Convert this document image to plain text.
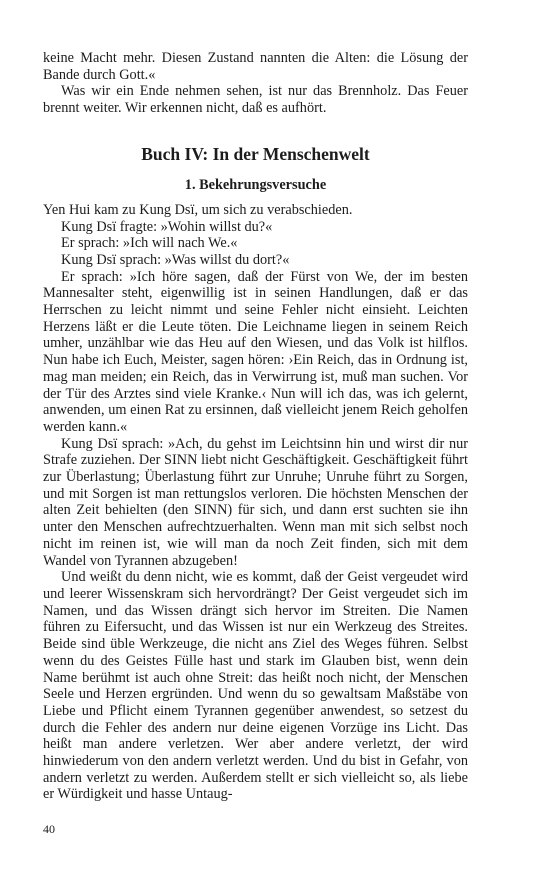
keine Macht mehr. Diesen Zustand nannten die Alten: die Lösung der Bande durch Gott.«

Was wir ein Ende nehmen sehen, ist nur das Brennholz. Das Feuer brennt weiter. Wir erkennen nicht, daß es aufhört.

Buch IV: In der Menschenwelt
1. Bekehrungsversuche

Yen Hui kam zu Kung Dsï, um sich zu verabschieden.

Kung Dsï fragte: »Wohin willst du?«

Er sprach: »Ich will nach We.«

Kung Dsï sprach: »Was willst du dort?«

Er sprach: »Ich höre sagen, daß der Fürst von We, der im besten Mannesalter steht, eigenwillig ist in seinen Handlungen, daß er das Herrschen zu leicht nimmt und seine Fehler nicht einsieht. Leichten Herzens läßt er die Leute töten. Die Leichname liegen in seinem Reich umher, unzählbar wie das Heu auf den Wiesen, und das Volk ist hilflos. Nun habe ich Euch, Meister, sagen hören: ›Ein Reich, das in Ordnung ist, mag man meiden; ein Reich, das in Verwirrung ist, muß man suchen. Vor der Tür des Arztes sind viele Kranke.‹ Nun will ich das, was ich gelernt, anwenden, um einen Rat zu ersinnen, daß vielleicht jenem Reich geholfen werden kann.«

Kung Dsï sprach: »Ach, du gehst im Leichtsinn hin und wirst dir nur Strafe zuziehen. Der SINN liebt nicht Geschäftigkeit. Geschäftigkeit führt zur Überlastung; Überlastung führt zur Unruhe; Unruhe führt zu Sorgen, und mit Sorgen ist man rettungslos verloren. Die höchsten Menschen der alten Zeit behielten (den SINN) für sich, und dann erst suchten sie ihn unter den Menschen aufrechtzuerhalten. Wenn man mit sich selbst noch nicht im reinen ist, wie will man da noch Zeit finden, sich mit dem Wandel von Tyrannen abzugeben!

Und weißt du denn nicht, wie es kommt, daß der Geist vergeudet wird und leerer Wissenskram sich hervordrängt? Der Geist vergeudet sich im Namen, und das Wissen drängt sich hervor im Streiten. Die Namen führen zu Eifersucht, und das Wissen ist nur ein Werkzeug des Streites. Beide sind üble Werkzeuge, die nicht ans Ziel des Weges führen. Selbst wenn du des Geistes Fülle hast und stark im Glauben bist, wenn dein Name berühmt ist auch ohne Streit: das heißt noch nicht, der Menschen Seele und Herzen ergründen. Und wenn du so gewaltsam Maßstäbe von Liebe und Pflicht einem Tyrannen gegenüber anwendest, so setzest du durch die Fehler des andern nur deine eigenen Vorzüge ins Licht. Das heißt man andere verletzen. Wer aber andere verletzt, der wird hinwiederum von den andern verletzt werden. Und du bist in Gefahr, von andern verletzt zu werden. Außerdem stellt er sich vielleicht so, als liebe er Würdigkeit und hasse Untaug-

40
